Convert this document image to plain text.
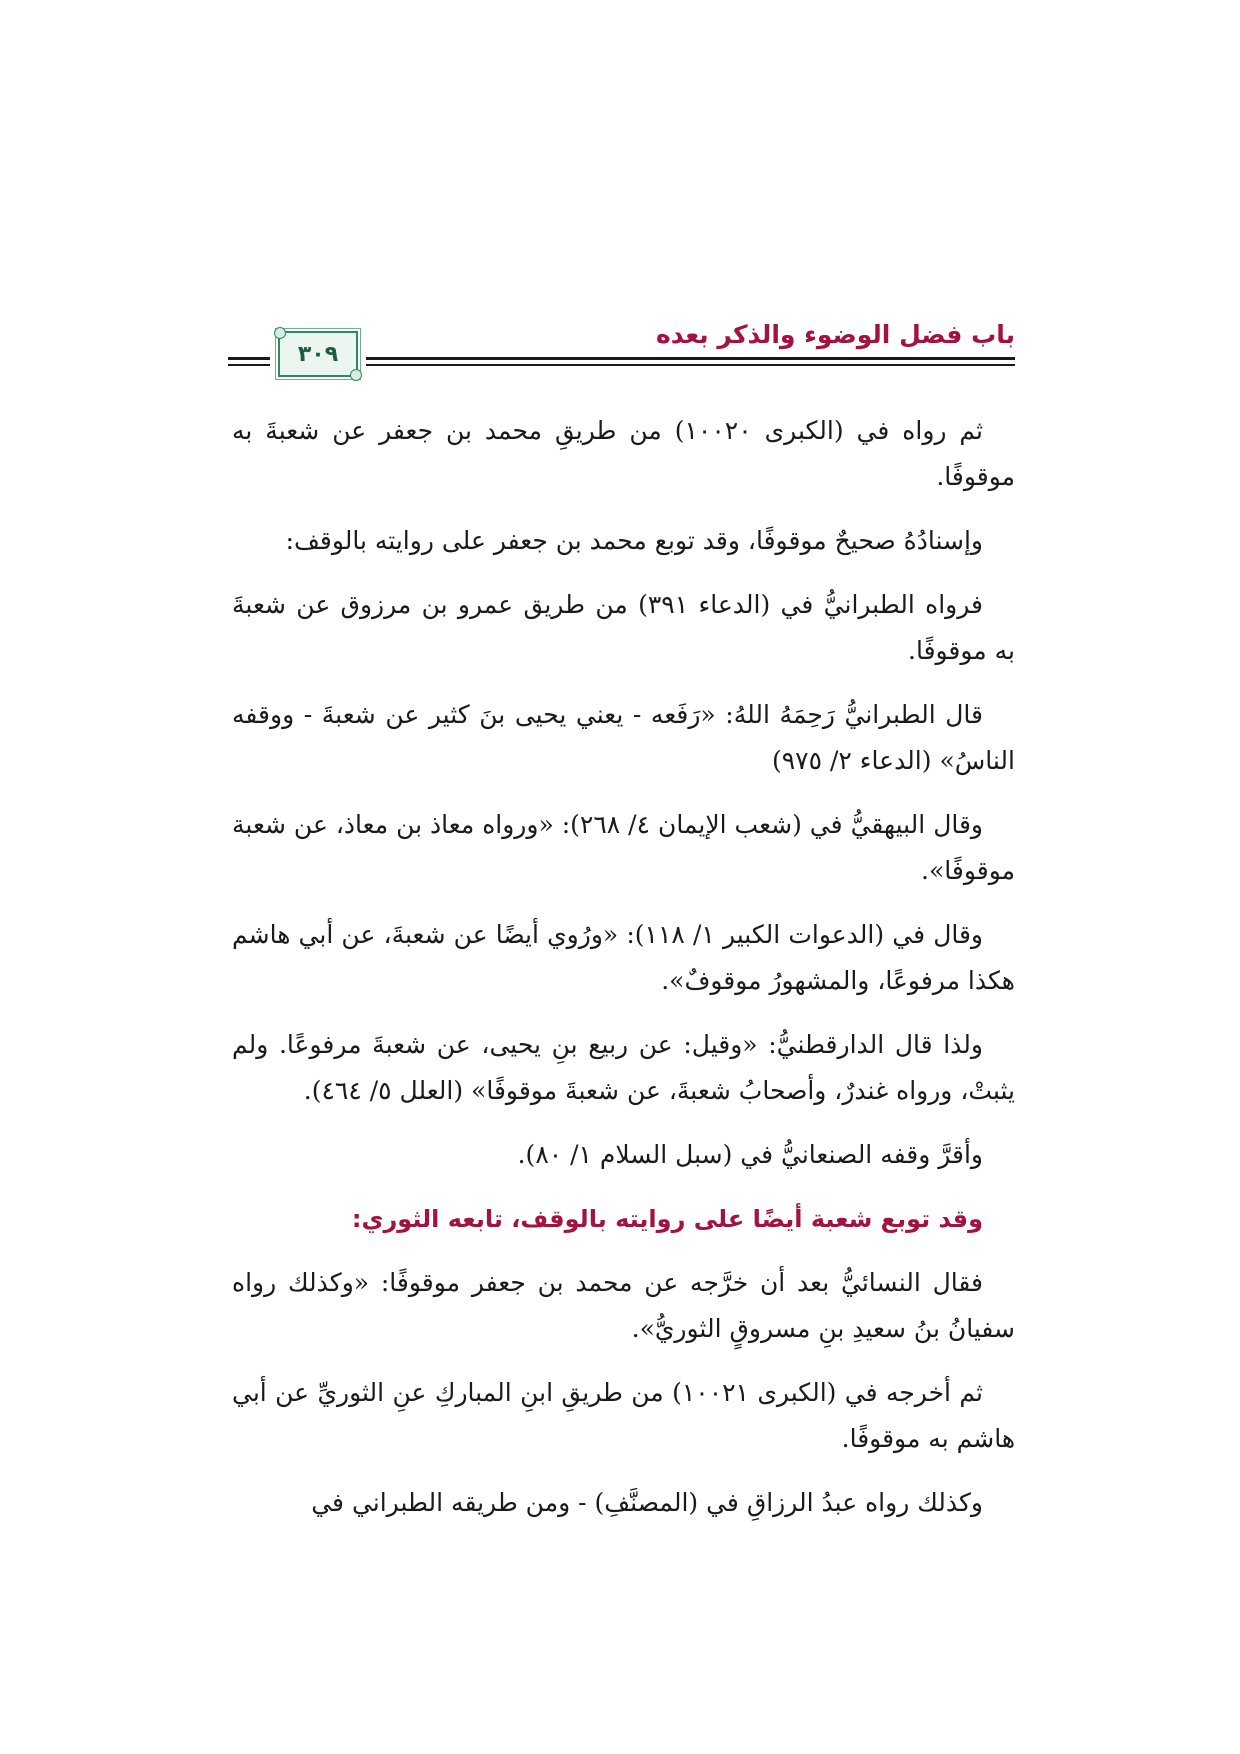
٣٠٩
باب فضل الوضوء والذكر بعده

ثم رواه في (الكبرى ١٠٠٢٠) من طريقِ محمد بن جعفر عن شعبةَ به موقوفًا.

وإسنادُهُ صحيحٌ موقوفًا، وقد توبع محمد بن جعفر على روايته بالوقف:

فرواه الطبرانيُّ في (الدعاء ٣٩١) من طريق عمرو بن مرزوق عن شعبةَ به موقوفًا.

قال الطبرانيُّ رَحِمَهُ اللهُ: «رَفَعه - يعني يحيى بنَ كثير عن شعبةَ - ووقفه الناسُ» (الدعاء ٢/ ٩٧٥)

وقال البيهقيُّ في (شعب الإيمان ٤/ ٢٦٨): «ورواه معاذ بن معاذ، عن شعبة موقوفًا».

وقال في (الدعوات الكبير ١/ ١١٨): «ورُوي أيضًا عن شعبةَ، عن أبي هاشم هكذا مرفوعًا، والمشهورُ موقوفٌ».

ولذا قال الدارقطنيُّ: «وقيل: عن ربيع بنِ يحيى، عن شعبةَ مرفوعًا. ولم يثبتْ، ورواه غندرٌ، وأصحابُ شعبةَ، عن شعبةَ موقوفًا» (العلل ٥/ ٤٦٤).

وأقرَّ وقفه الصنعانيُّ في (سبل السلام ١/ ٨٠).

وقد توبع شعبة أيضًا على روايته بالوقف، تابعه الثوري:

فقال النسائيُّ بعد أن خرَّجه عن محمد بن جعفر موقوفًا: «وكذلك رواه سفيانُ بنُ سعيدِ بنِ مسروقٍ الثوريُّ».

ثم أخرجه في (الكبرى ١٠٠٢١) من طريقِ ابنِ المباركِ عنِ الثوريِّ عن أبي هاشم به موقوفًا.

وكذلك رواه عبدُ الرزاقِ في (المصنَّفِ) - ومن طريقه الطبراني في
